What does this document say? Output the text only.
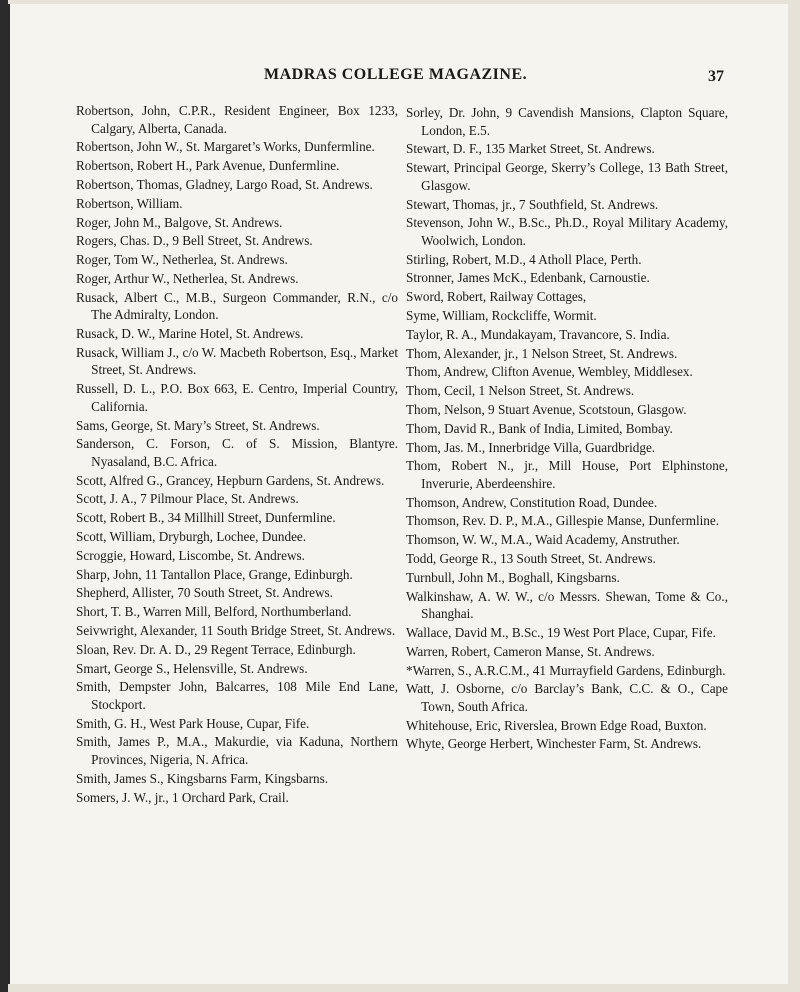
MADRAS COLLEGE MAGAZINE.	37
Robertson, John, C.P.R., Resident Engineer, Box 1233, Calgary, Alberta, Canada.
Robertson, John W., St. Margaret’s Works, Dunfermline.
Robertson, Robert H., Park Avenue, Dunfermline.
Robertson, Thomas, Gladney, Largo Road, St. Andrews.
Robertson, William.
Roger, John M., Balgove, St. Andrews.
Rogers, Chas. D., 9 Bell Street, St. Andrews.
Roger, Tom W., Netherlea, St. Andrews.
Roger, Arthur W., Netherlea, St. Andrews.
Rusack, Albert C., M.B., Surgeon Commander, R.N., c/o The Admiralty, London.
Rusack, D. W., Marine Hotel, St. Andrews.
Rusack, William J., c/o W. Macbeth Robertson, Esq., Market Street, St. Andrews.
Russell, D. L., P.O. Box 663, E. Centro, Imperial Country, California.
Sams, George, St. Mary’s Street, St. Andrews.
Sanderson, C. Forson, C. of S. Mission, Blantyre. Nyasaland, B.C. Africa.
Scott, Alfred G., Grancey, Hepburn Gardens, St. Andrews.
Scott, J. A., 7 Pilmour Place, St. Andrews.
Scott, Robert B., 34 Millhill Street, Dunfermline.
Scott, William, Dryburgh, Lochee, Dundee.
Scroggie, Howard, Liscombe, St. Andrews.
Sharp, John, 11 Tantallon Place, Grange, Edinburgh.
Shepherd, Allister, 70 South Street, St. Andrews.
Short, T. B., Warren Mill, Belford, Northumberland.
Seivwright, Alexander, 11 South Bridge Street, St. Andrews.
Sloan, Rev. Dr. A. D., 29 Regent Terrace, Edinburgh.
Smart, George S., Helensville, St. Andrews.
Smith, Dempster John, Balcarres, 108 Mile End Lane, Stockport.
Smith, G. H., West Park House, Cupar, Fife.
Smith, James P., M.A., Makurdie, via Kaduna, Northern Provinces, Nigeria, N. Africa.
Smith, James S., Kingsbarns Farm, Kingsbarns.
Somers, J. W., jr., 1 Orchard Park, Crail.
Sorley, Dr. John, 9 Cavendish Mansions, Clapton Square, London, E.5.
Stewart, D. F., 135 Market Street, St. Andrews.
Stewart, Principal George, Skerry’s College, 13 Bath Street, Glasgow.
Stewart, Thomas, jr., 7 Southfield, St. Andrews.
Stevenson, John W., B.Sc., Ph.D., Royal Military Academy, Woolwich, London.
Stirling, Robert, M.D., 4 Atholl Place, Perth.
Stronner, James McK., Edenbank, Carnoustie.
Sword, Robert, Railway Cottages,
Syme, William, Rockcliffe, Wormit.
Taylor, R. A., Mundakayam, Travancore, S. India.
Thom, Alexander, jr., 1 Nelson Street, St. Andrews.
Thom, Andrew, Clifton Avenue, Wembley, Middlesex.
Thom, Cecil, 1 Nelson Street, St. Andrews.
Thom, Nelson, 9 Stuart Avenue, Scotstoun, Glasgow.
Thom, David R., Bank of India, Limited, Bombay.
Thom, Jas. M., Innerbridge Villa, Guardbridge.
Thom, Robert N., jr., Mill House, Port Elphinstone, Inverurie, Aberdeenshire.
Thomson, Andrew, Constitution Road, Dundee.
Thomson, Rev. D. P., M.A., Gillespie Manse, Dunfermline.
Thomson, W. W., M.A., Waid Academy, Anstruther.
Todd, George R., 13 South Street, St. Andrews.
Turnbull, John M., Boghall, Kingsbarns.
Walkinshaw, A. W. W., c/o Messrs. Shewan, Tome & Co., Shanghai.
Wallace, David M., B.Sc., 19 West Port Place, Cupar, Fife.
Warren, Robert, Cameron Manse, St. Andrews.
*Warren, S., A.R.C.M., 41 Murrayfield Gardens, Edinburgh.
Watt, J. Osborne, c/o Barclay’s Bank, C.C. & O., Cape Town, South Africa.
Whitehouse, Eric, Riverslea, Brown Edge Road, Buxton.
Whyte, George Herbert, Winchester Farm, St. Andrews.
